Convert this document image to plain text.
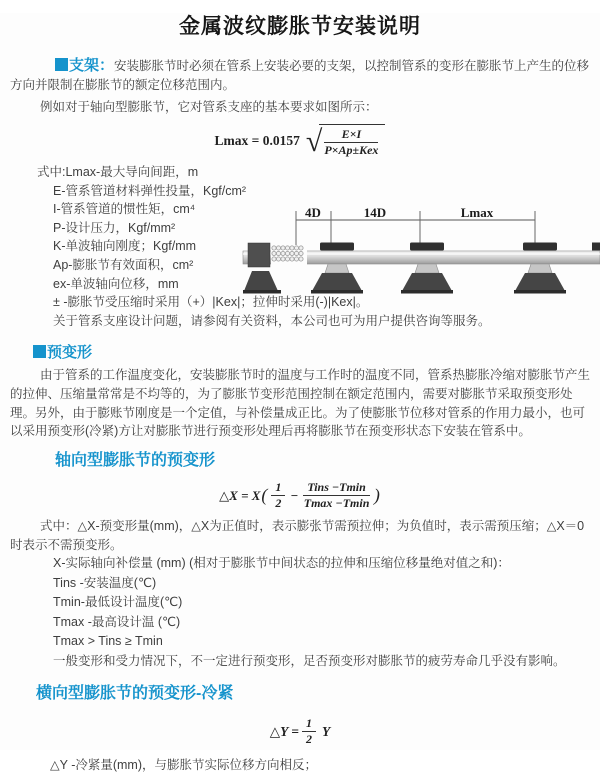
金属波纹膨胀节安装说明

支架：安装膨胀节时必须在管系上安装必要的支架，以控制管系的变形在膨胀节上产生的位移方向并限制在膨胀节的额定位移范围内。

例如对于轴向型膨胀节，它对管系支座的基本要求如图所示：

Lmax = 0.0157 √ $\frac{E\times I}{\text{P×Ap±Kex}}$
式中:Lmax-最大导向间距，m
E-管系管道材料弹性投量，Kgf/cm²
I-管系管道的惯性矩，cm⁴
P-设计压力，Kgf/mm²
K-单波轴向刚度；Kgf/mm
Ap-膨胀节有效面积，cm²
ex-单波轴向位移，mm
± -膨胀节受压缩时采用（+）|Kex|；拉伸时采用(-)|Kex|。
关于管系支座设计问题，请参阅有关资料，本公司也可为用户提供咨询等服务。
预变形

由于管系的工作温度变化，安装膨胀节时的温度与工作时的温度不同，管系热膨胀冷缩对膨胀节产生的拉伸、压缩量常常是不均等的，为了膨胀节变形范围控制在额定范围内，需要对膨胀节采取预变形处理。另外，由于膨账节刚度是一个定值，与补偿量成正比。为了使膨胀节位移对管系的作用力最小，也可以采用预变形(冷紧)方让对膨胀节进行预变形处理后再将膨胀节在预变形状态下安装在管系中。

轴向型膨胀节的预变形
△X = X ( $\frac{1}{2} - \frac{\text{Tins −Tmin}}{Tmax -Tmin}$ )

式中：△X-预变形量(mm)，△X为正值时，表示膨张节需预拉伸；为负值时，表示需预压缩；△X＝0时表示不需预变形。

X-实际轴向补偿量 (mm) (相对于膨胀节中间状态的拉伸和压缩位移量绝对值之和)：
Tins -安装温度(℃)
Tmin-最低设计温度(℃)
Tmax -最高设计温 (℃)
Tmax > Tins ≥ Tmin
一般变形和受力情况下，不一定进行预变形，足否预变形对膨胀节的疲劳寿命几乎没有影响。
横向型膨胀节的预变形-冷紧
△Y = $\frac{1}{2}$ Y
△Y -冷紧量(mm)，与膨胀节实际位移方向相反；
4D	14D	Lmax
